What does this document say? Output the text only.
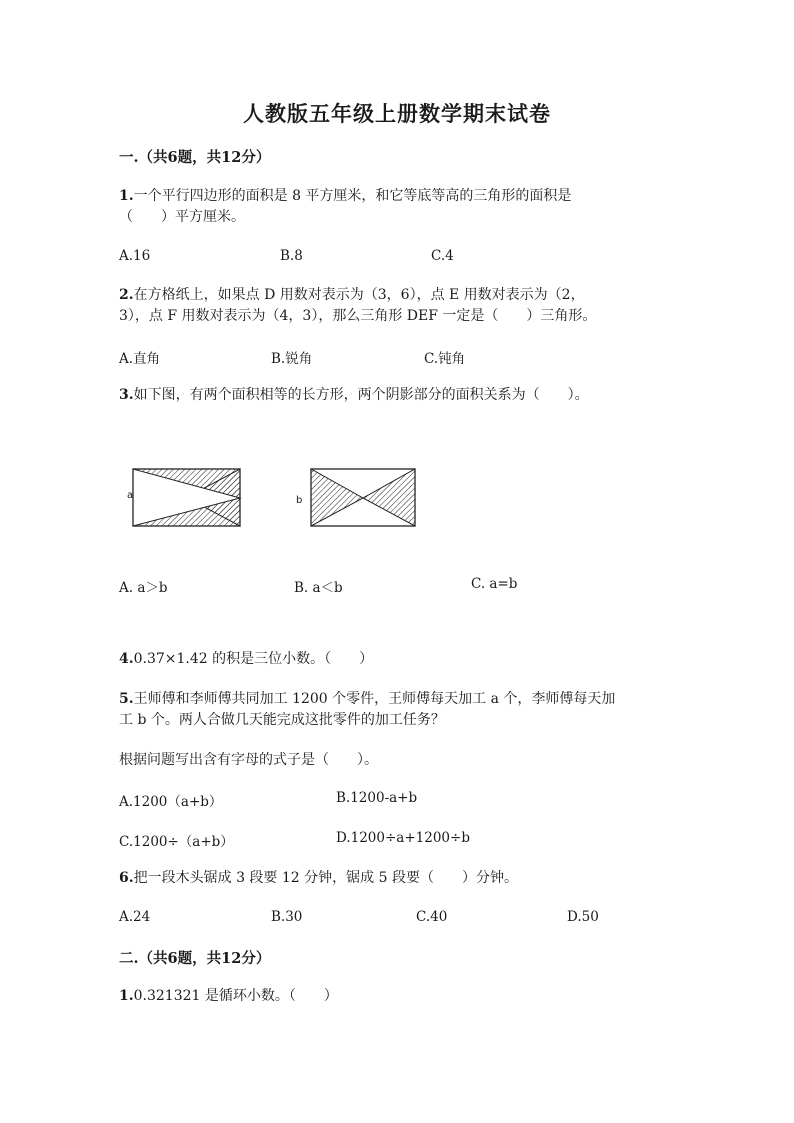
人教版五年级上册数学期末试卷
一.（共6题，共12分）
1.一个平行四边形的面积是 8 平方厘米，和它等底等高的三角形的面积是
（　　）平方厘米。
A.16	B.8	C.4
2.在方格纸上，如果点 D 用数对表示为（3，6），点 E 用数对表示为（2，
3），点 F 用数对表示为（4，3），那么三角形 DEF 一定是（　　）三角形。
A.直角	B.锐角	C.钝角
3.如下图，有两个面积相等的长方形，两个阴影部分的面积关系为（　　）。
a	b
A. a＞b	B. a＜b	C. a=b
4.0.37×1.42 的积是三位小数。（　　）
5.王师傅和李师傅共同加工 1200 个零件，王师傅每天加工 a 个，李师傅每天加
工 b 个。两人合做几天能完成这批零件的加工任务？
根据问题写出含有字母的式子是（　　）。
A.1200（a+b）	B.1200-a+b
C.1200÷（a+b）	D.1200÷a+1200÷b
6.把一段木头锯成 3 段要 12 分钟，锯成 5 段要（　　）分钟。
A.24	B.30	C.40	D.50
二.（共6题，共12分）
1.0.321321 是循环小数。（　　）
